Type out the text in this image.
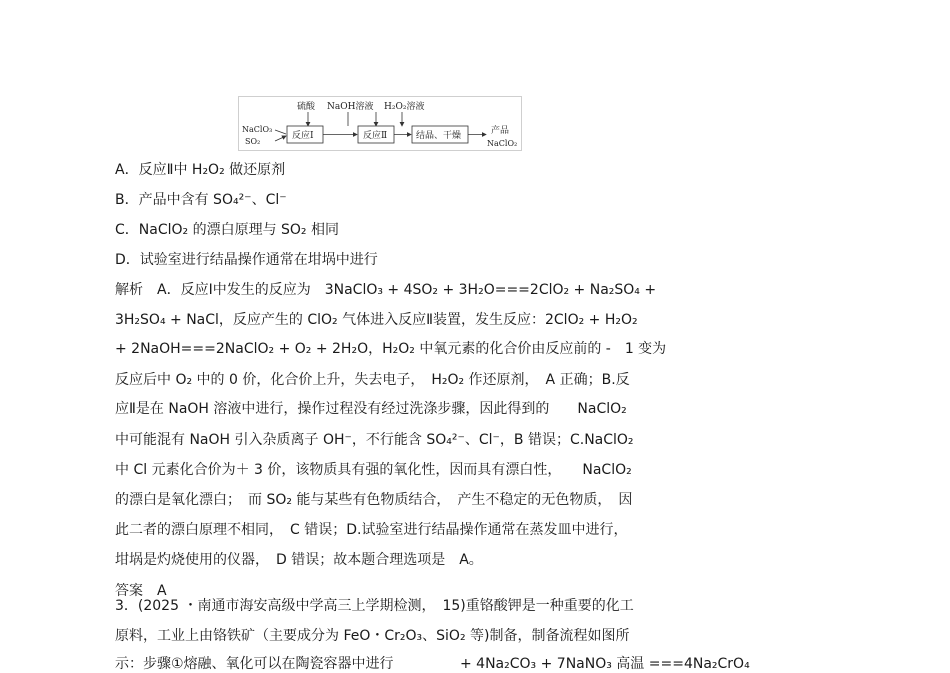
硫酸 NaOH溶液 H₂O₂溶液
NaClO₃
SO₂
反应Ⅰ	反应Ⅱ	结晶、干燥	产品
NaClO₂
A．反应Ⅱ中 H₂O₂ 做还原剂
B．产品中含有 SO₄²⁻、Cl⁻
C．NaClO₂ 的漂白原理与 SO₂ 相同
D．试验室进行结晶操作通常在坩埚中进行
解析　A．反应Ⅰ中发生的反应为　3NaClO₃ + 4SO₂ + 3H₂O===2ClO₂ + Na₂SO₄ +
3H₂SO₄ + NaCl，反应产生的 ClO₂ 气体进入反应Ⅱ装置，发生反应：2ClO₂ + H₂O₂
+ 2NaOH===2NaClO₂ + O₂ + 2H₂O，H₂O₂ 中氧元素的化合价由反应前的 -　1 变为
反应后中 O₂ 中的 0 价，化合价上升，失去电子，　H₂O₂ 作还原剂，　A 正确；B.反
应Ⅱ是在 NaOH 溶液中进行，操作过程没有经过洗涤步骤，因此得到的　　NaClO₂
中可能混有 NaOH 引入杂质离子 OH⁻，不行能含 SO₄²⁻、Cl⁻，B 错误；C.NaClO₂
中 Cl 元素化合价为＋ 3 价，该物质具有强的氧化性，因而具有漂白性，　　NaClO₂
的漂白是氧化漂白；　而 SO₂ 能与某些有色物质结合，　产生不稳定的无色物质，　因
此二者的漂白原理不相同，　C 错误；D.试验室进行结晶操作通常在蒸发皿中进行，
坩埚是灼烧使用的仪器，　D 错误；故本题合理选项是　A。
答案　A
3．(2025 ・南通市海安高级中学高三上学期检测，　15)重铬酸钾是一种重要的化工
原料，工业上由铬铁矿（主要成分为 FeO・Cr₂O₃、SiO₂ 等)制备，制备流程如图所
示：步骤①熔融、氧化可以在陶瓷容器中进行	+ 4Na₂CO₃ + 7NaNO₃ 高温 ===4Na₂CrO₄
